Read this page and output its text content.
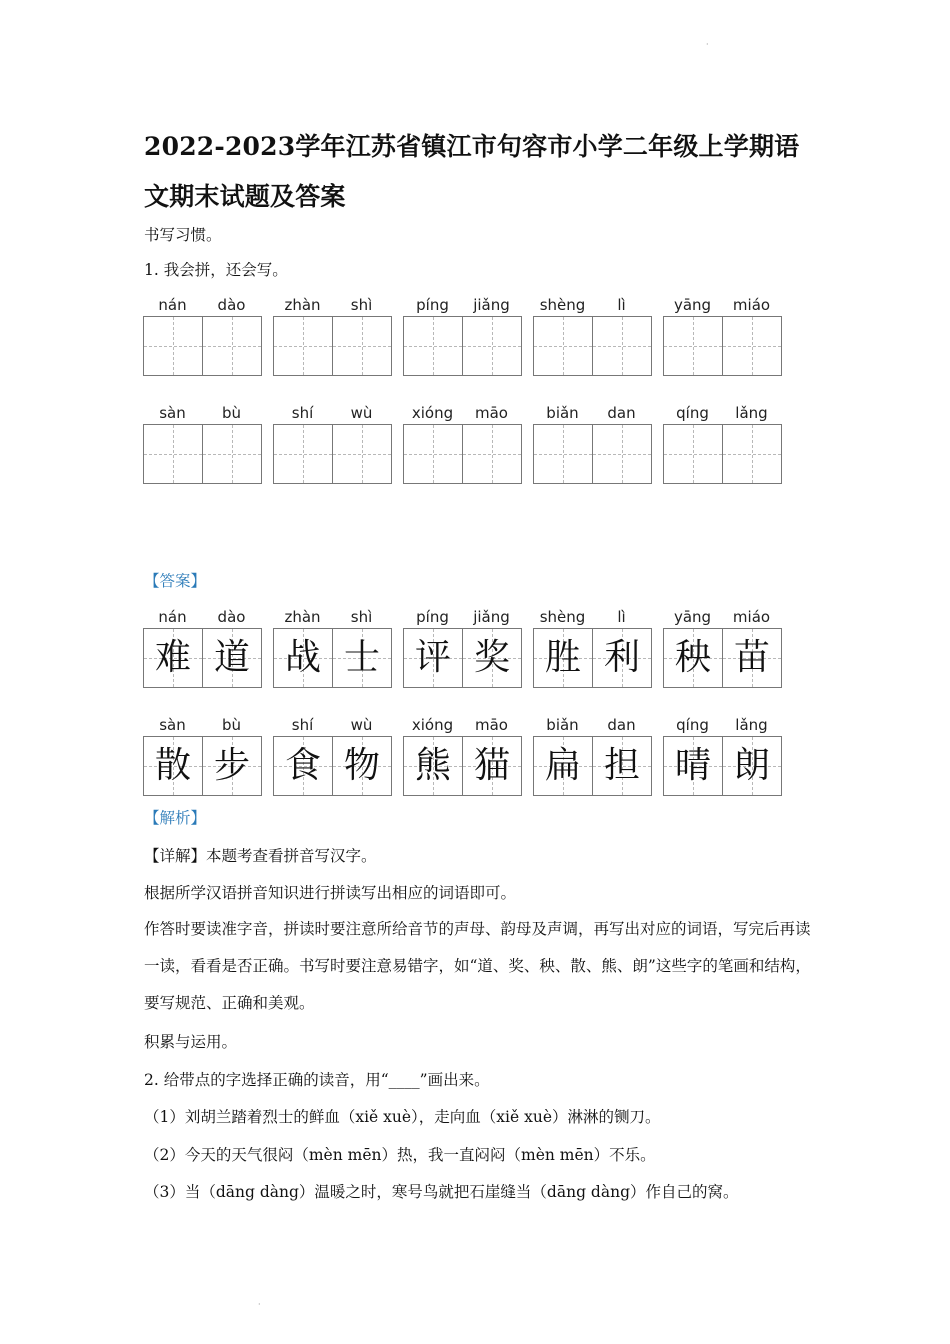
·
2022-2023学年江苏省镇江市句容市小学二年级上学期语文期末试题及答案
书写习惯。
1. 我会拼，还会写。
nán	dào	zhàn	shì	píng	jiǎng	shèng	lì	yāng	miáo
sàn	bù	shí	wù	xióng	māo	biǎn	dan	qíng	lǎng
【答案】
nán	dào
难 道
zhàn	shì
战 士
píng	jiǎng
评 奖
shèng	lì
胜 利
yāng	miáo
秧 苗
sàn	bù
散 步
shí	wù
食 物
xióng	māo
熊 猫
biǎn	dan
扁 担
qíng	lǎng
晴 朗
【解析】
【详解】本题考查看拼音写汉字。
根据所学汉语拼音知识进行拼读写出相应的词语即可。
作答时要读准字音，拼读时要注意所给音节的声母、韵母及声调，再写出对应的词语，写完后再读一读，看看是否正确。书写时要注意易错字，如“道、奖、秧、散、熊、朗”这些字的笔画和结构，要写规范、正确和美观。
积累与运用。
2. 给带点的字选择正确的读音，用“____”画出来。
（1）刘胡兰踏着烈士的鲜血（xiě xuè），走向血（xiě xuè）淋淋的铡刀。
（2）今天的天气很闷（mèn mēn）热，我一直闷闷（mèn mēn）不乐。
（3）当（dāng dàng）温暖之时，寒号鸟就把石崖缝当（dāng dàng）作自己的窝。
·
